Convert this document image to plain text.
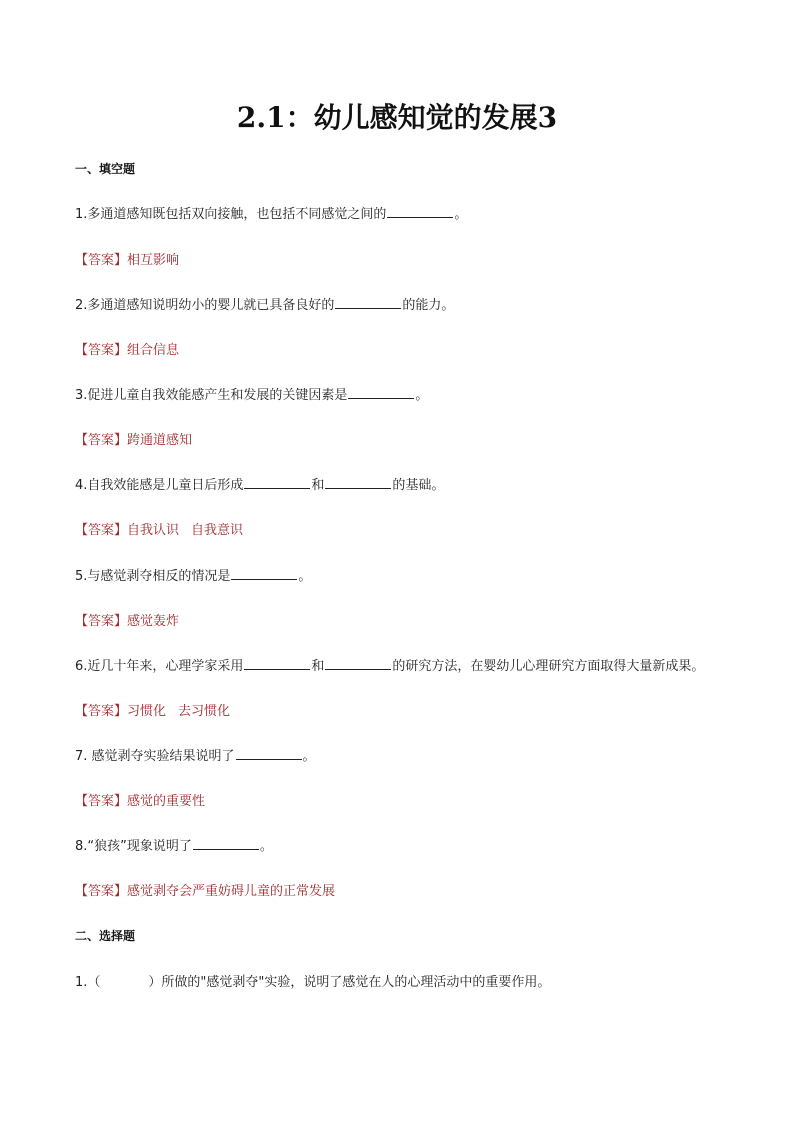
2.1：幼儿感知觉的发展3
一、填空题
1.多通道感知既包括双向接触，也包括不同感觉之间的	。
【答案】相互影响
2.多通道感知说明幼小的婴儿就已具备良好的	的能力。
【答案】组合信息
3.促进儿童自我效能感产生和发展的关键因素是	。
【答案】跨通道感知
4.自我效能感是儿童日后形成	和	的基础。
【答案】自我认识 自我意识
5.与感觉剥夺相反的情况是	。
【答案】感觉轰炸
6.近几十年来，心理学家采用	和	的研究方法，在婴幼儿心理研究方面取得大量新成果。
【答案】习惯化 去习惯化
7. 感觉剥夺实验结果说明了	。
【答案】感觉的重要性
8.“狼孩”现象说明了	。
【答案】感觉剥夺会严重妨碍儿童的正常发展
二、选择题
1.（	）所做的"感觉剥夺"实验，说明了感觉在人的心理活动中的重要作用。
